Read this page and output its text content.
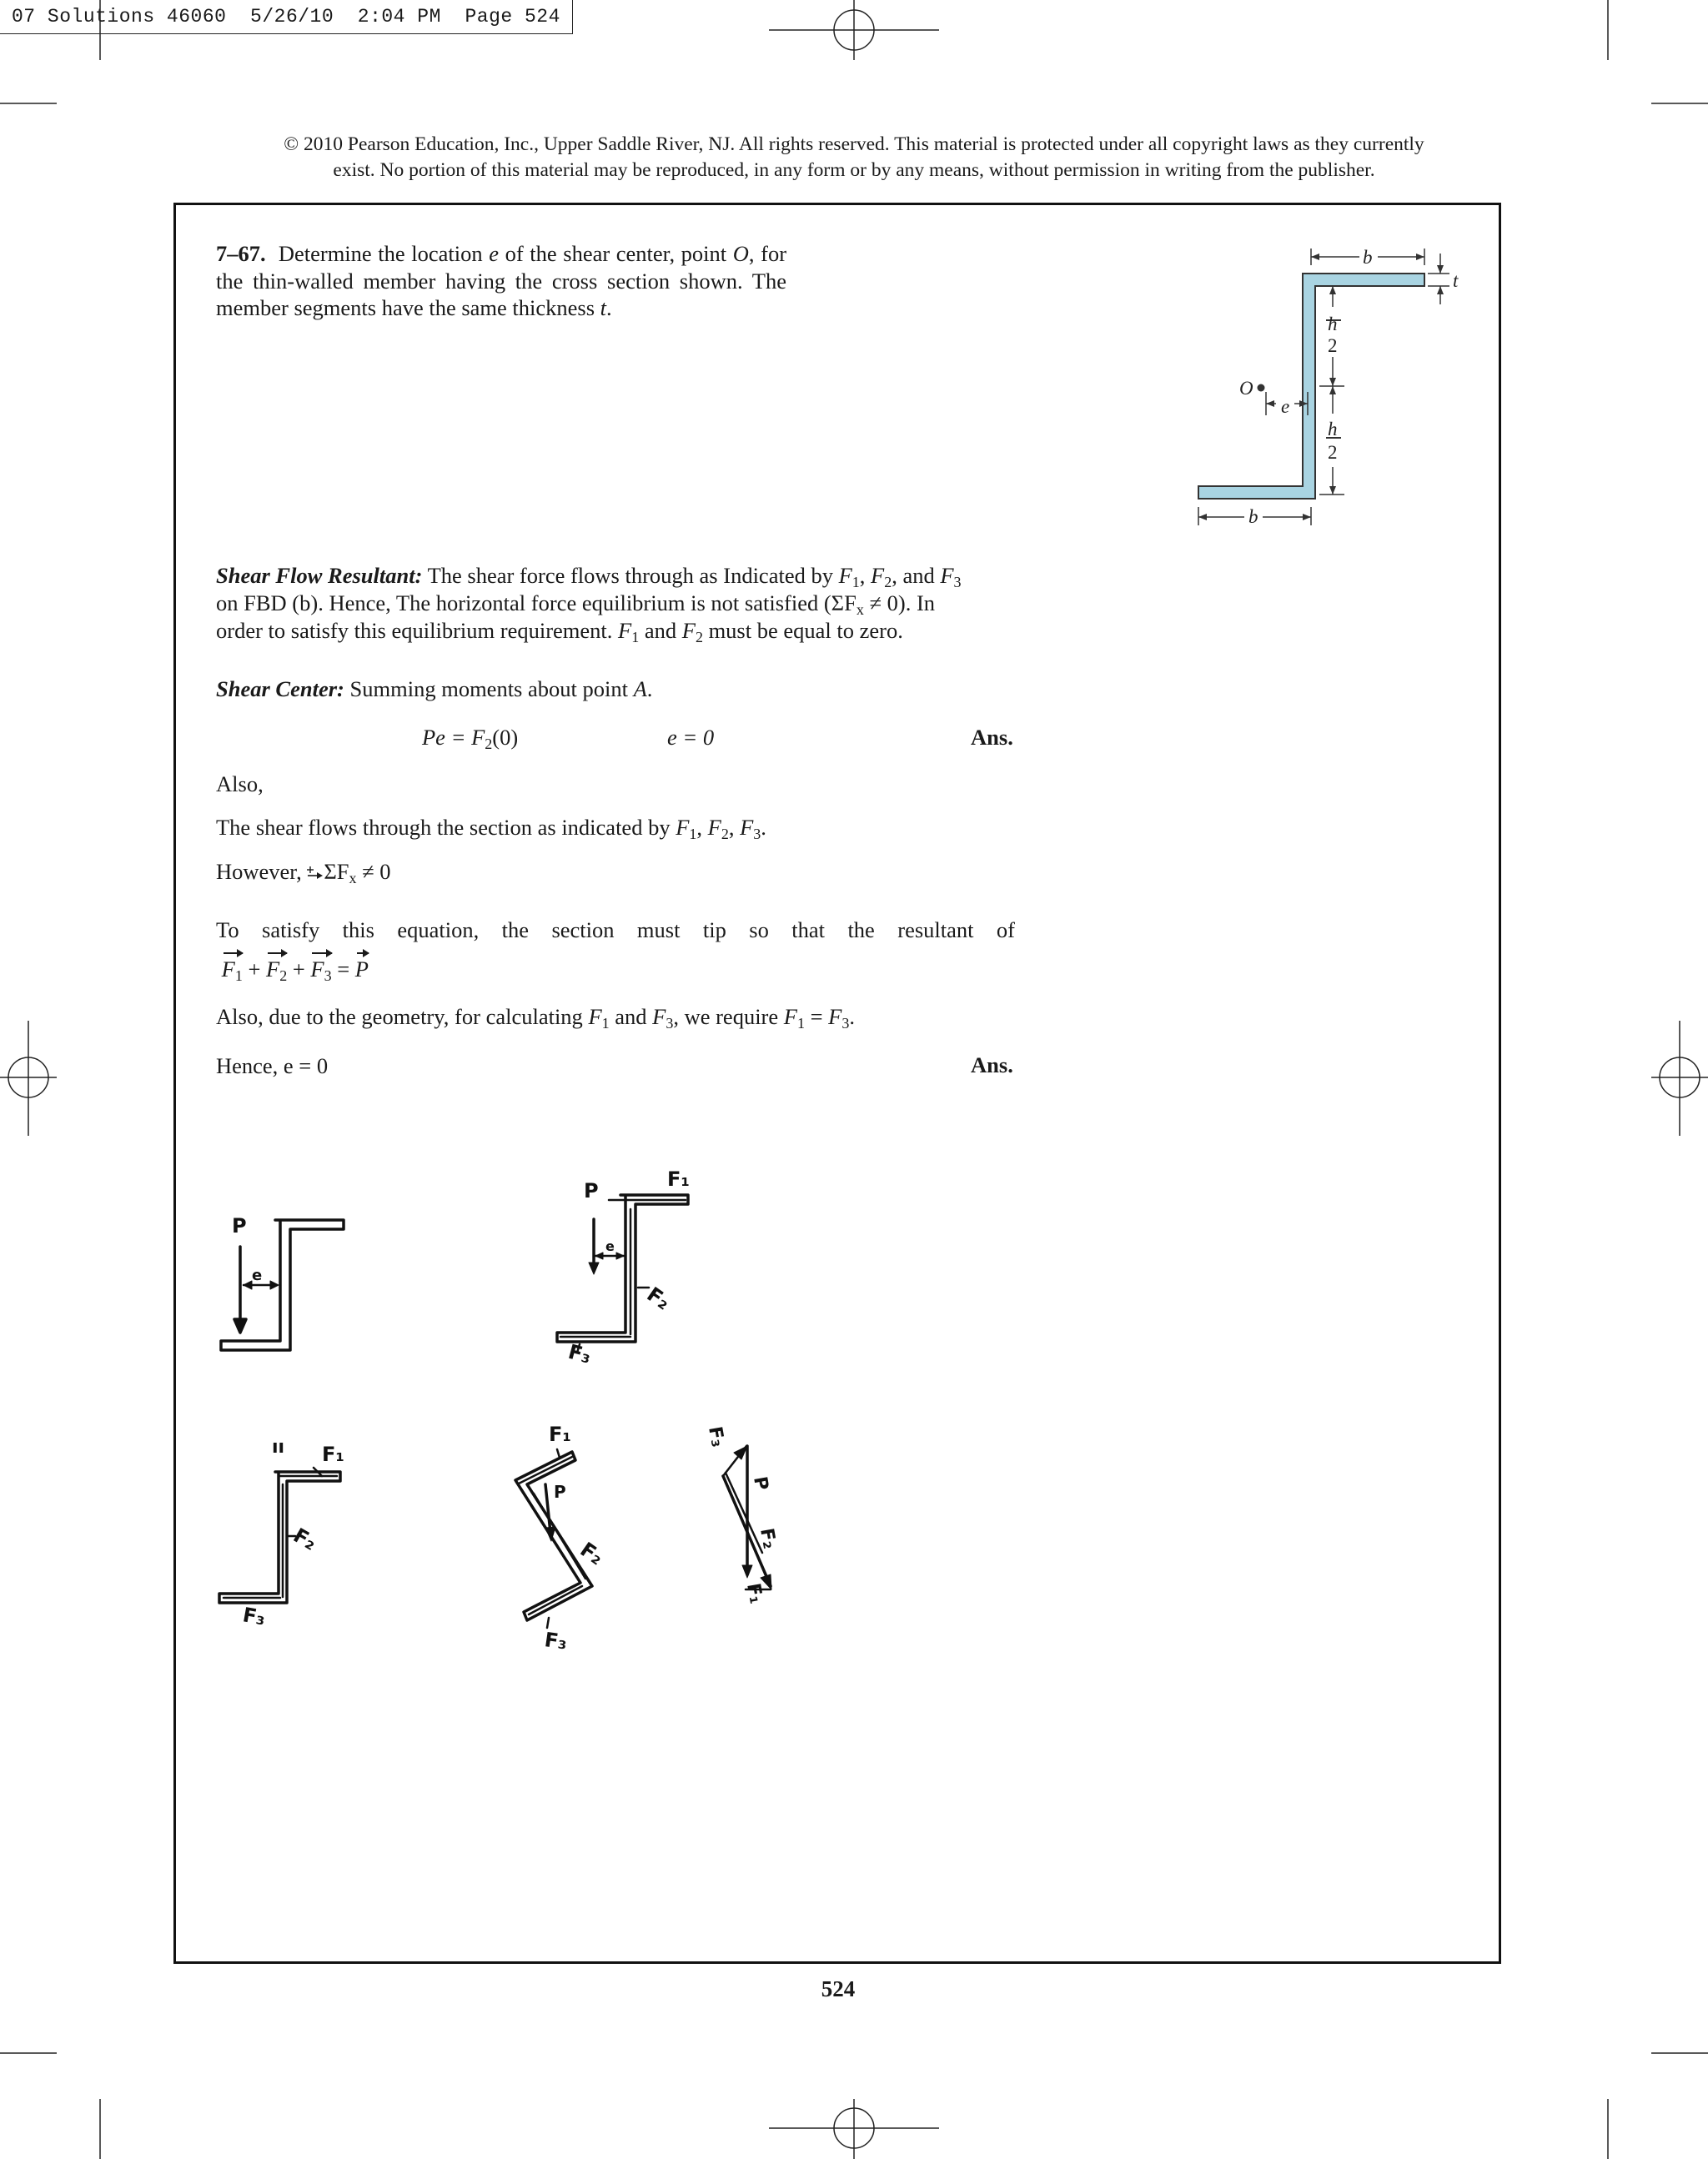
07 Solutions 46060  5/26/10  2:04 PM  Page 524
© 2010 Pearson Education, Inc., Upper Saddle River, NJ. All rights reserved. This material is protected under all copyright laws as they currently
exist. No portion of this material may be reproduced, in any form or by any means, without permission in writing from the publisher.
7–67. Determine the location e of the shear center, point O, for the thin-walled member having the cross section shown. The member segments have the same thickness t.
b
t
h
h
O
e
b
2
2
Shear Flow Resultant: The shear force flows through as Indicated by $F_1$, $F_2$, and $F_3$
on FBD (b). Hence, The horizontal force equilibrium is not satisfied $(\Sigma F_x \ne 0)$. In
order to satisfy this equilibrium requirement. $F_1$ and $F_2$ must be equal to zero.
Shear Center: Summing moments about point A.
$Pe = F_2(0)$	e = 0	Ans.
Also,
The shear flows through the section as indicated by $F_1$, $F_2$, $F_3$.
However, $\Sigma F_x \ne 0$
To satisfy this equation, the section must tip so that the resultant of
$F_1 + F_2 + F_3 = P$
Also, due to the geometry, for calculating $F_1$ and $F_3$, we require $F_1 = F_3$.
Hence, e = 0	Ans.
P
e
P
e
F₁
F₂
F₃
ıı F₁
F₂
F₃
F₁
P
F₂
F₃
F₃
P
F₂
F₁
524
